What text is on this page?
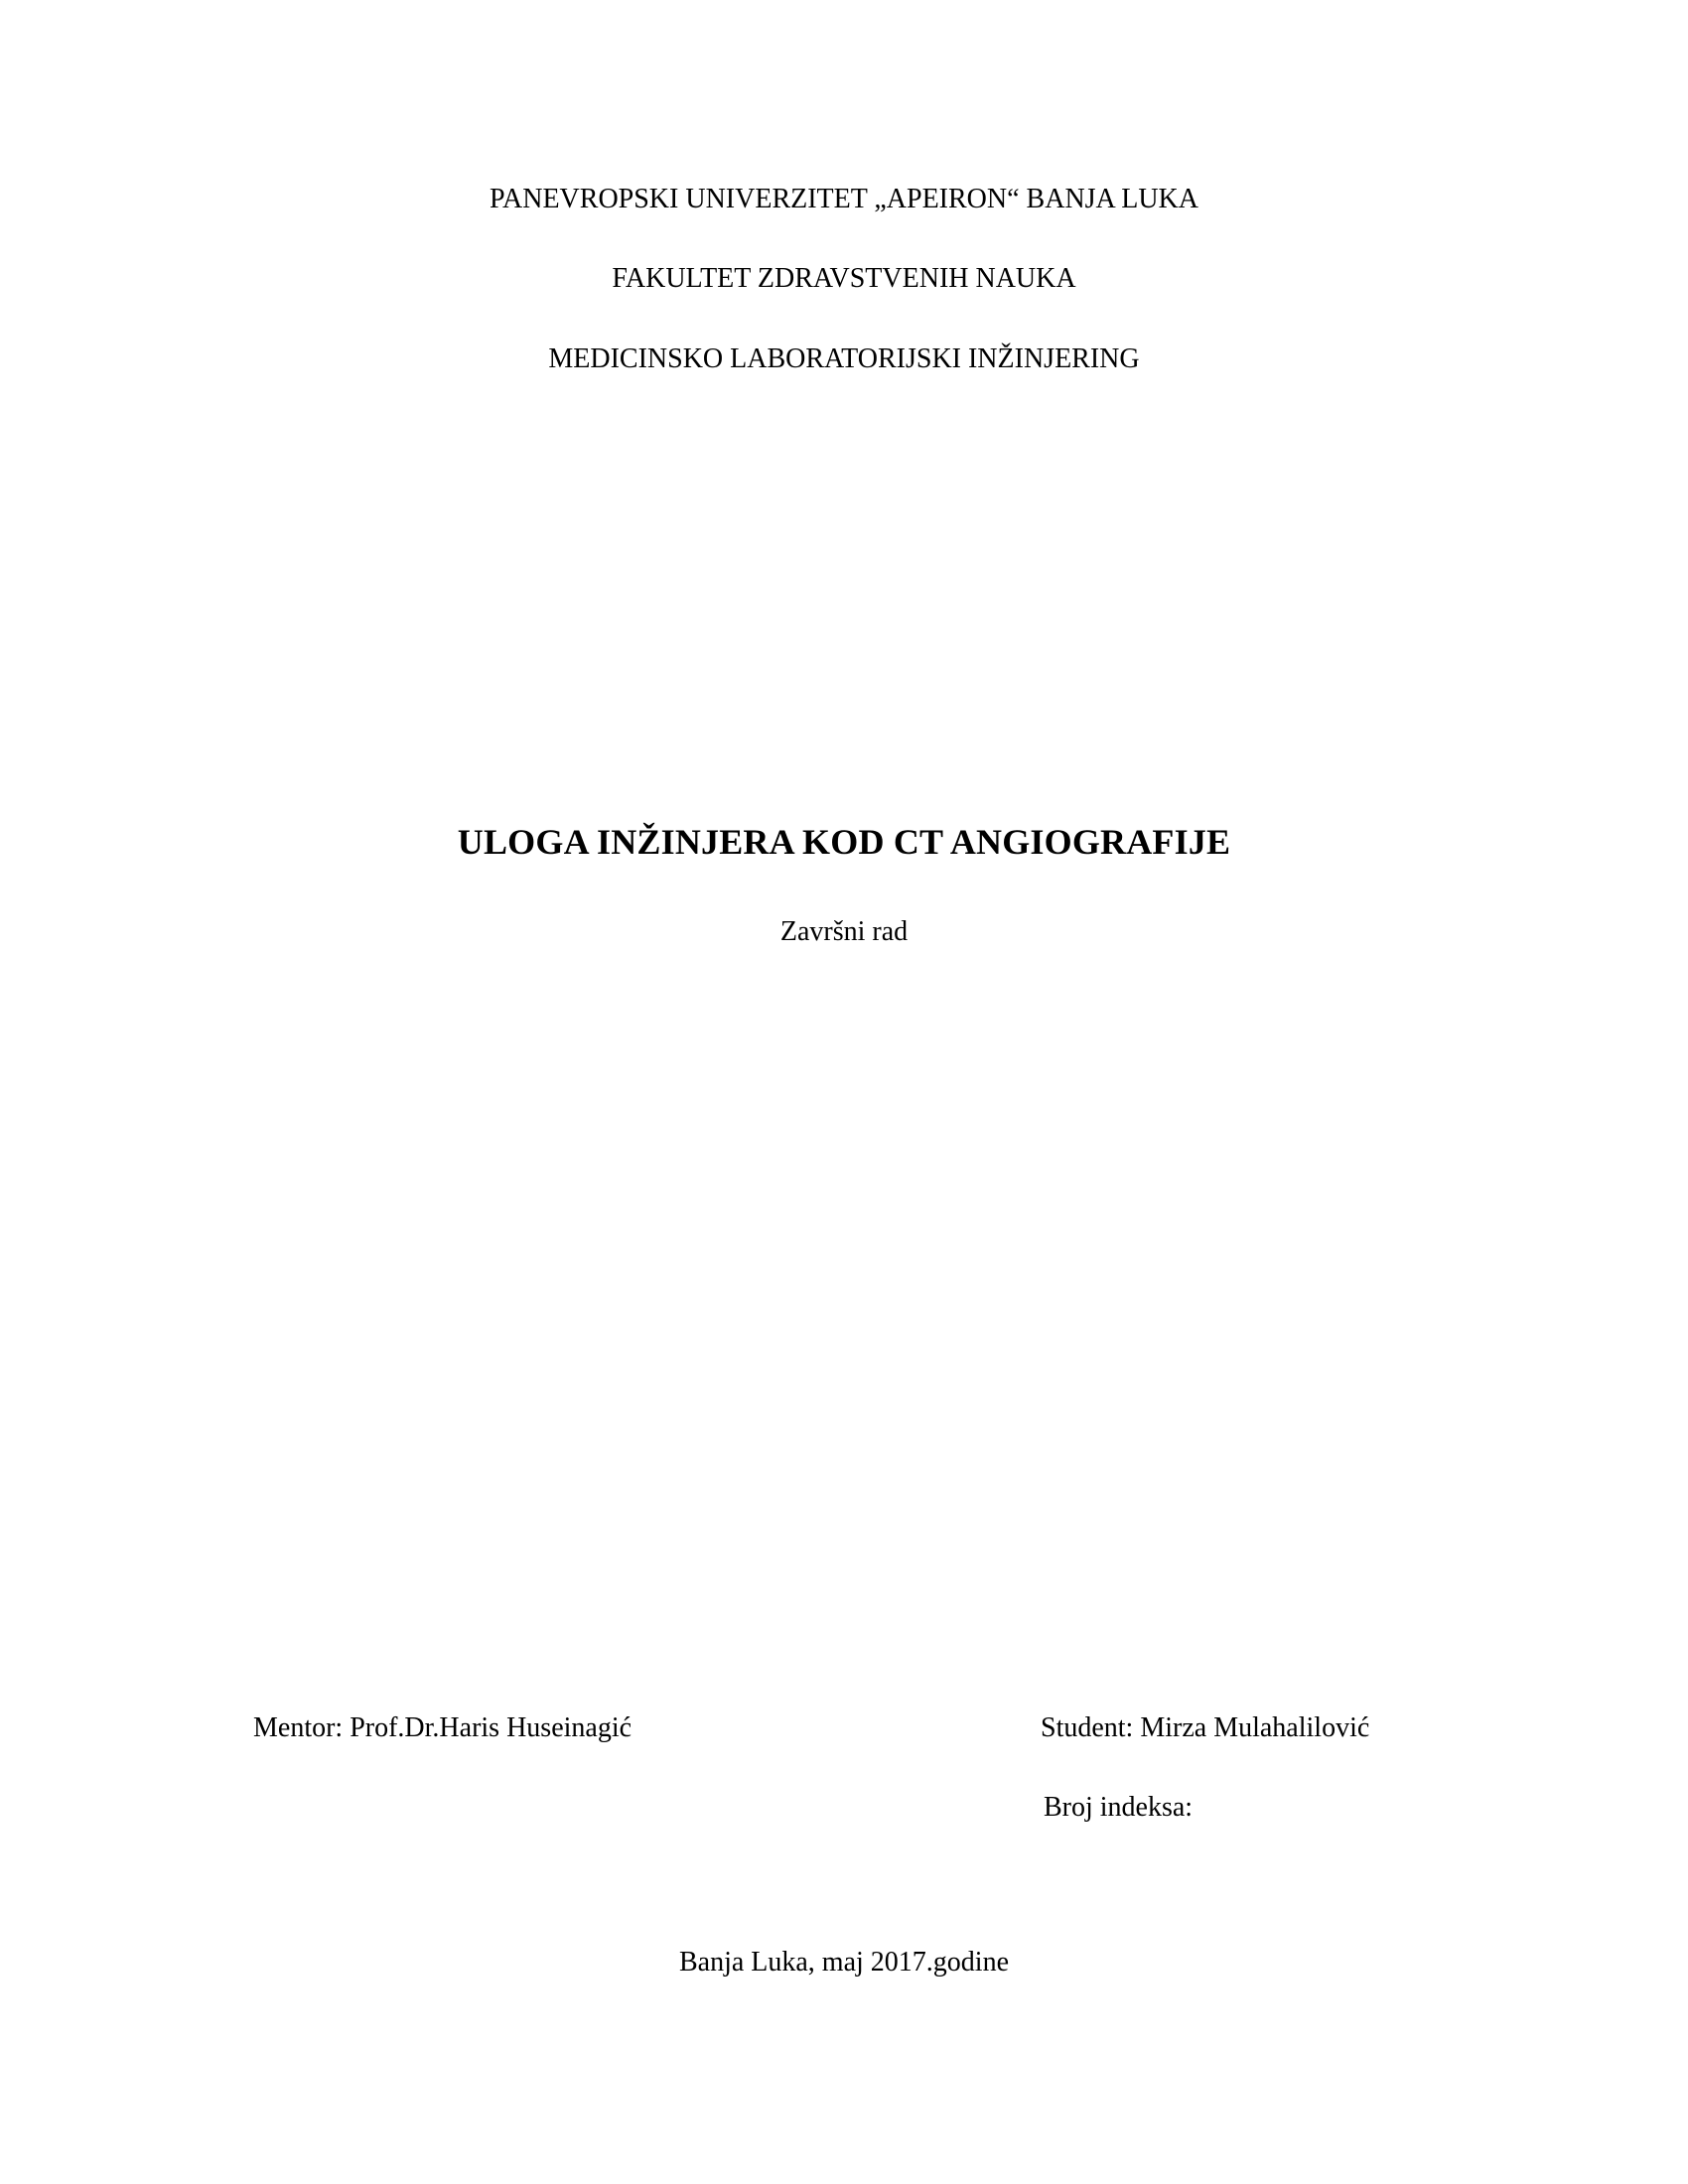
PANEVROPSKI UNIVERZITET „APEIRON“ BANJA LUKA
FAKULTET ZDRAVSTVENIH NAUKA
MEDICINSKO LABORATORIJSKI INŽINJERING
ULOGA INŽINJERA KOD CT ANGIOGRAFIJE
Završni rad
Mentor: Prof.Dr.Haris Huseinagić	Student: Mirza Mulahalilović
Broj indeksa:
Banja Luka, maj 2017.godine
